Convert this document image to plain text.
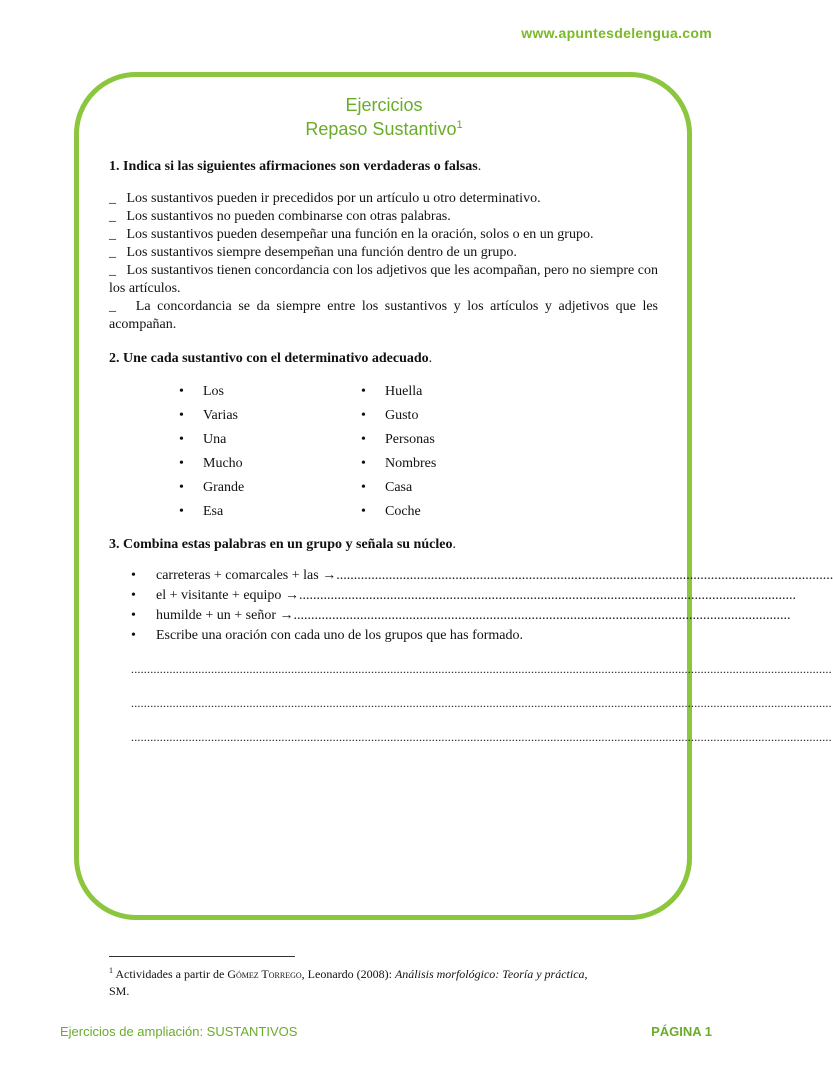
www.apuntesdelengua.com
Ejercicios
Repaso Sustantivo$^1$

1. Indica si las siguientes afirmaciones son verdaderas o falsas.

_ Los sustantivos pueden ir precedidos por un artículo u otro determinativo.

_ Los sustantivos no pueden combinarse con otras palabras.

_ Los sustantivos pueden desempeñar una función en la oración, solos o en un grupo.

_ Los sustantivos siempre desempeñan una función dentro de un grupo.

_ Los sustantivos tienen concordancia con los adjetivos que les acompañan, pero no siempre con los artículos.

_ La concordancia se da siempre entre los sustantivos y los artículos y adjetivos que les acompañan.

2. Une cada sustantivo con el determinativo adecuado.

• Los
• Varias
• Una
• Mucho
• Grande
• Esa
• Huella
• Gusto
• Personas
• Nombres
• Casa
• Coche

3. Combina estas palabras en un grupo y señala su núcleo.

• carreteras + comarcales + las →..............................................................................................................................................
• el + visitante + equipo →..............................................................................................................................................
• humilde + un + señor →..............................................................................................................................................
• Escribe una oración con cada uno de los grupos que has formado.
...........................................................................................................................................................................................................................
...........................................................................................................................................................................................................................
...........................................................................................................................................................................................................................
$^1$ Actividades a partir de Gómez Torrego, Leonardo (2008): Análisis morfológico: Teoría y práctica,
SM.
Ejercicios de ampliación: SUSTANTIVOS	PÁGINA 1
